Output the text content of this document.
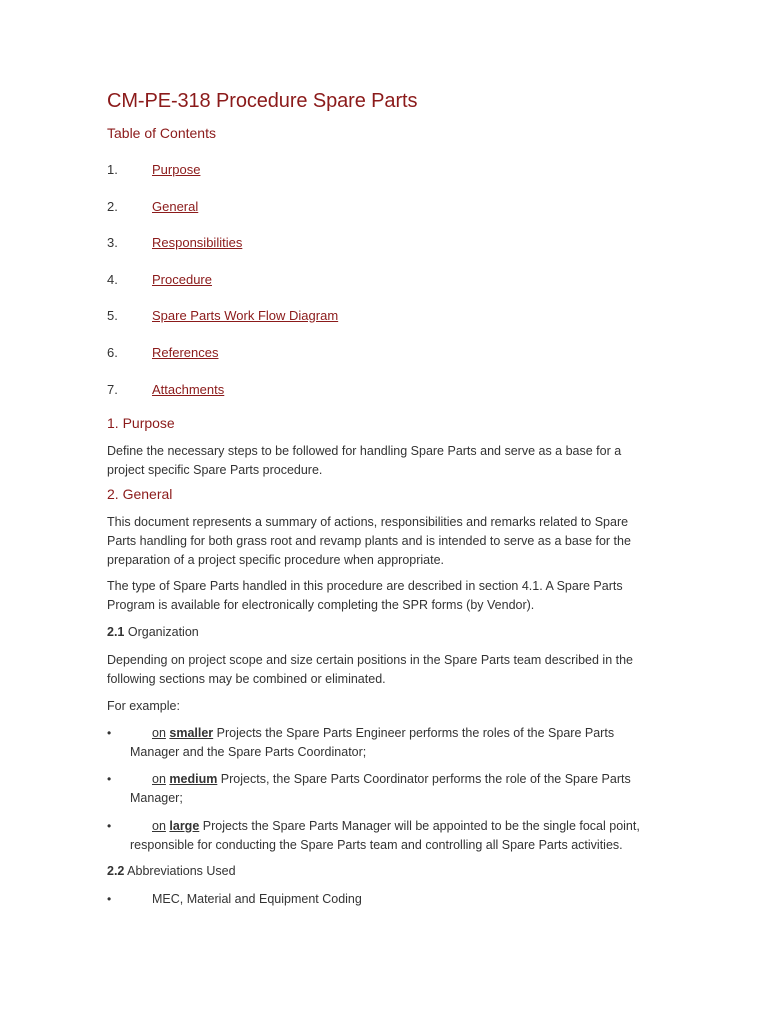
CM-PE-318 Procedure Spare Parts
Table of Contents
1.	Purpose
2.	General
3.	Responsibilities
4.	Procedure
5.	Spare Parts Work Flow Diagram
6.	References
7.	Attachments
1. Purpose

Define the necessary steps to be followed for handling Spare Parts and serve as a base for a project specific Spare Parts procedure.

2. General

This document represents a summary of actions, responsibilities and remarks related to Spare Parts handling for both grass root and revamp plants and is intended to serve as a base for the preparation of a project specific procedure when appropriate.

The type of Spare Parts handled in this procedure are described in section 4.1. A Spare Parts Program is available for electronically completing the SPR forms (by Vendor).

2.1 Organization

Depending on project scope and size certain positions in the Spare Parts team described in the following sections may be combined or eliminated.

For example:

•	on smaller Projects the Spare Parts Engineer performs the roles of the Spare Parts Manager and the Spare Parts Coordinator;
•	on medium Projects, the Spare Parts Coordinator performs the role of the Spare Parts Manager;
•	on large Projects the Spare Parts Manager will be appointed to be the single focal point, responsible for conducting the Spare Parts team and controlling all Spare Parts activities.

2.2 Abbreviations Used

•	MEC, Material and Equipment Coding
